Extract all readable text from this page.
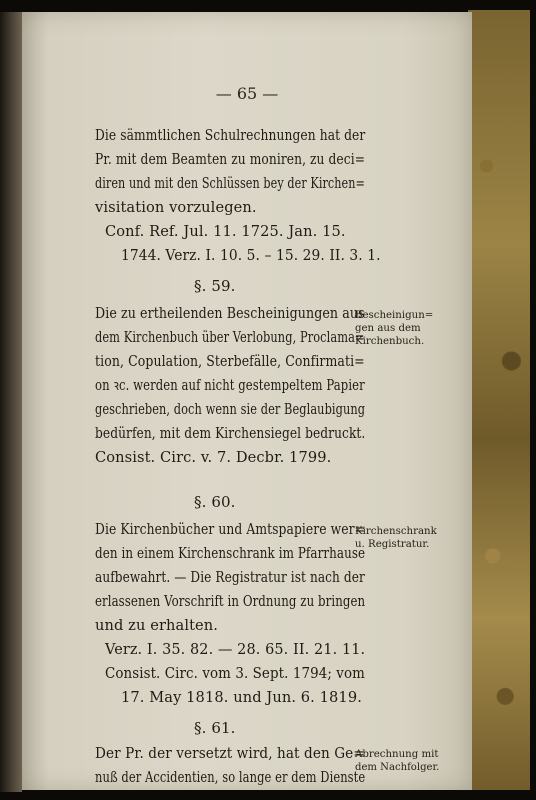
— 65 —
Die sämmtlichen Schulrechnungen hat der
Pr. mit dem Beamten zu moniren, zu deci=
diren und mit den Schlüssen bey der Kirchen=
visitation vorzulegen.
Conf. Ref. Jul. 11. 1725. Jan. 15.
1744. Verz. I. 10. 5. – 15. 29. II. 3. 1.
§. 59.
Die zu ertheilenden Bescheinigungen aus
dem Kirchenbuch über Verlobung, Proclama=
tion, Copulation, Sterbefälle, Confirmati=
on ꝛc. werden auf nicht gestempeltem Papier
geschrieben, doch wenn sie der Beglaubigung
bedürfen, mit dem Kirchensiegel bedruckt.
Consist. Circ. v. 7. Decbr. 1799.
Bescheinigun=
gen aus dem
Kirchenbuch.
§. 60.
Die Kirchenbücher und Amtspapiere wer=
den in einem Kirchenschrank im Pfarrhause
aufbewahrt. — Die Registratur ist nach der
erlassenen Vorschrift in Ordnung zu bringen
und zu erhalten.
Verz. I. 35. 82. — 28. 65. II. 21. 11.
Consist. Circ. vom 3. Sept. 1794; vom
17. May 1818. und Jun. 6. 1819.
Kirchenschrank
u. Registratur.
§. 61.
Der Pr. der versetzt wird, hat den Ge=
nuß der Accidentien, so lange er dem Dienste
Abrechnung mit
dem Nachfolger.
